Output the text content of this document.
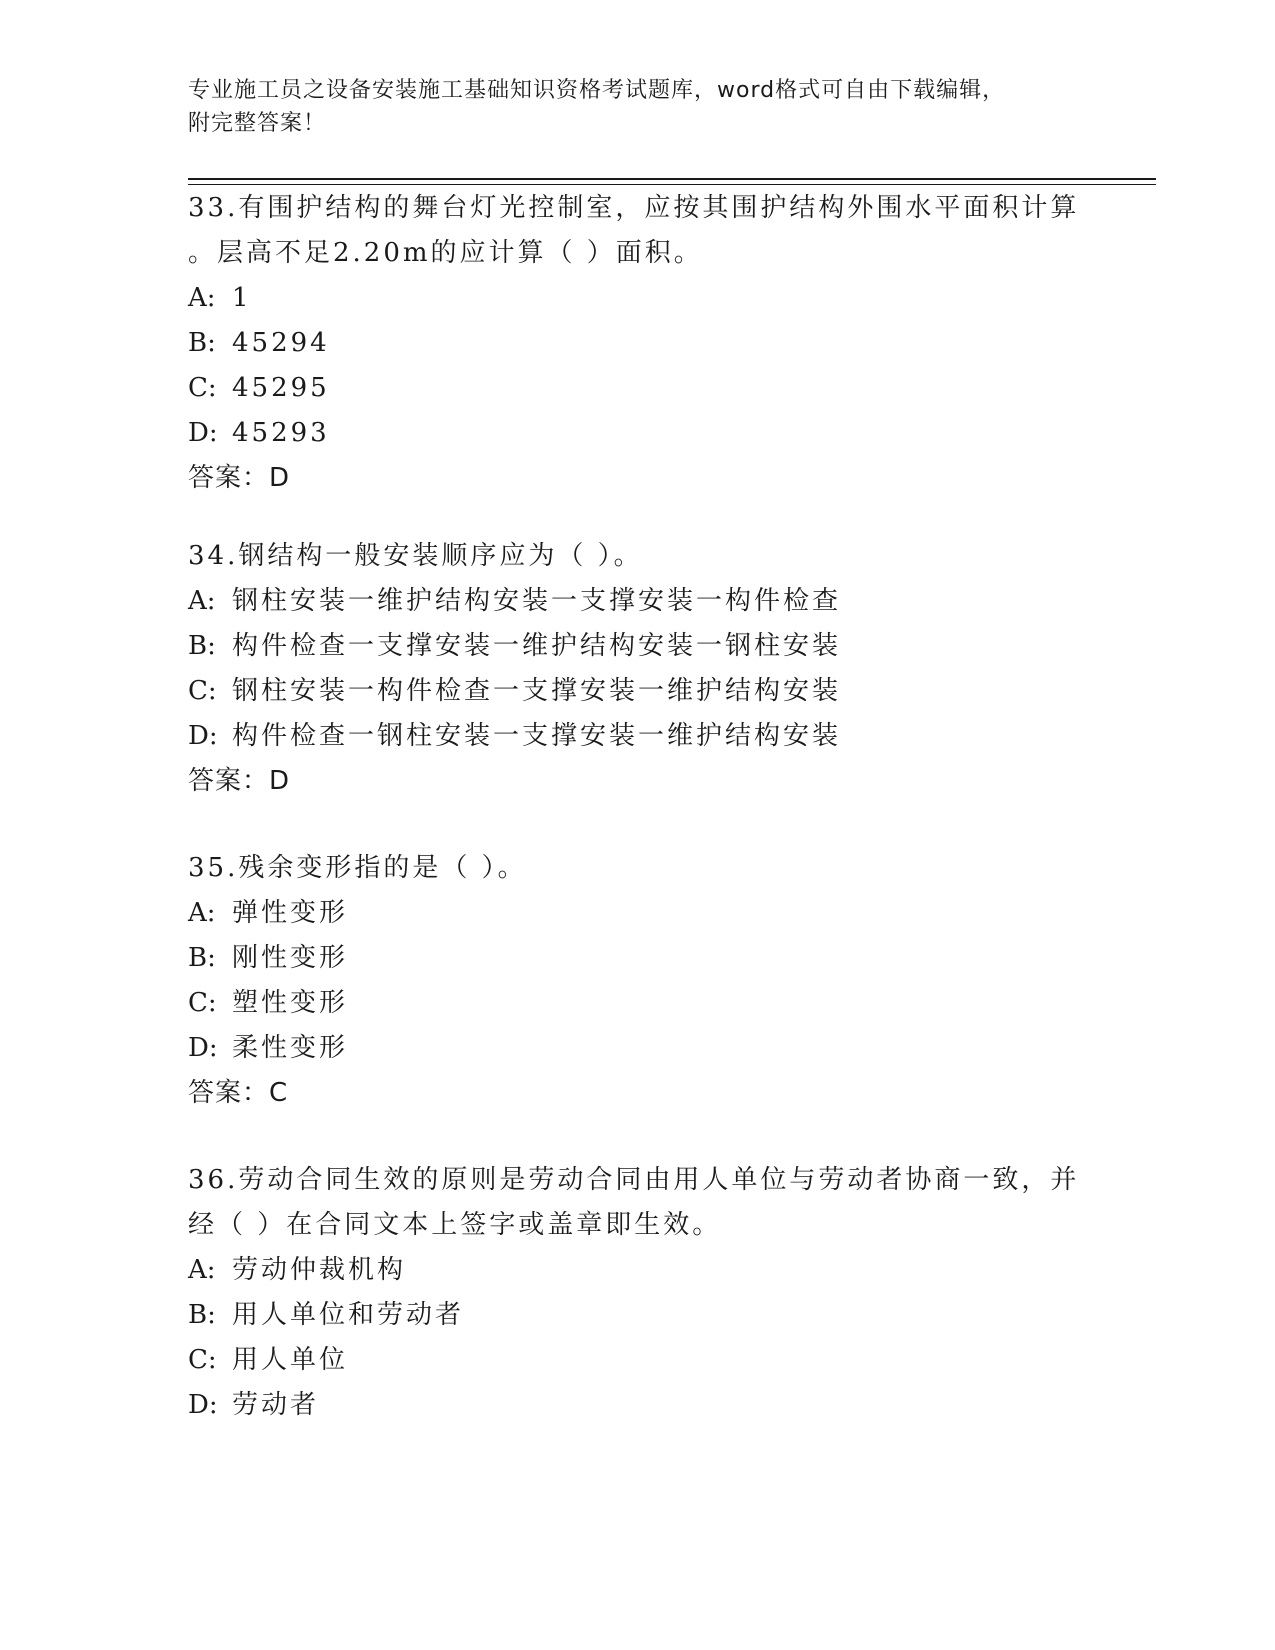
专业施工员之设备安装施工基础知识资格考试题库，word格式可自由下载编辑，
附完整答案！

33.有围护结构的舞台灯光控制室，应按其围护结构外围水平面积计算

。层高不足2.20m的应计算（ ）面积。

A: 1

B: 45294

C: 45295

D: 45293

答案：D

34.钢结构一般安装顺序应为（ ）。

A: 钢柱安装一维护结构安装一支撑安装一构件检查

B: 构件检查一支撑安装一维护结构安装一钢柱安装

C: 钢柱安装一构件检查一支撑安装一维护结构安装

D: 构件检查一钢柱安装一支撑安装一维护结构安装

答案：D

35.残余变形指的是（ ）。

A: 弹性变形

B: 刚性变形

C: 塑性变形

D: 柔性变形

答案：C

36.劳动合同生效的原则是劳动合同由用人单位与劳动者协商一致，并

经（ ）在合同文本上签字或盖章即生效。

A: 劳动仲裁机构

B: 用人单位和劳动者

C: 用人单位

D: 劳动者
